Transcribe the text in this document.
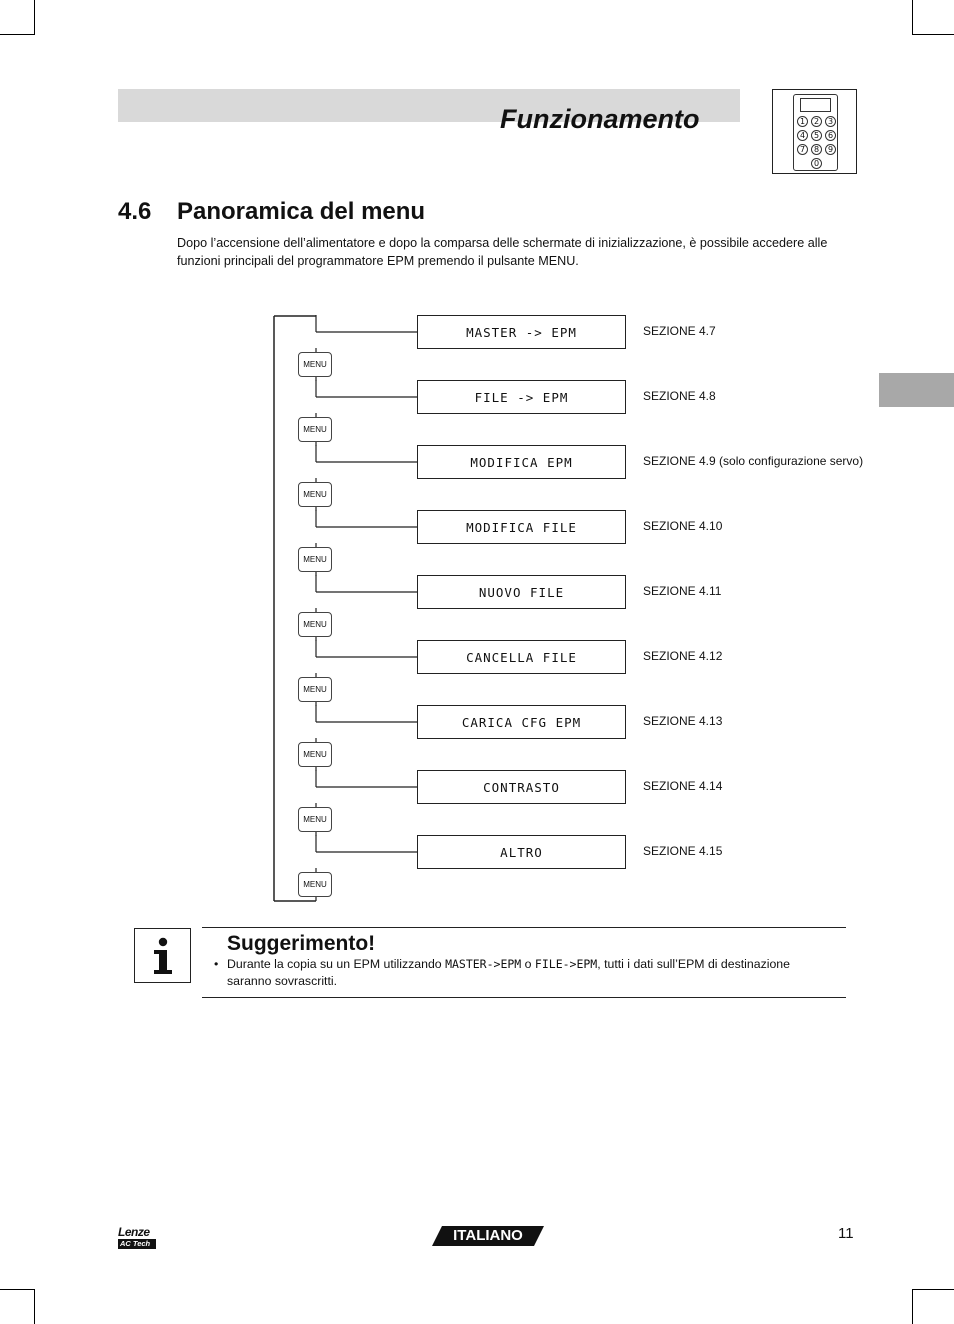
Funzionamento	1	2	3
4	5	6
7	8	9
0
4.6 Panoramica del menu
Dopo l’accensione dell’alimentatore e dopo la comparsa delle schermate di inizializzazione, è possibile accedere alle funzioni principali del programmatore EPM premendo il pulsante MENU.
MASTER -> EPM	SEZIONE 4.7
MENU
FILE -> EPM	SEZIONE 4.8
MENU
MODIFICA EPM	SEZIONE 4.9 (solo configurazione servo)
MENU
MODIFICA FILE	SEZIONE 4.10
MENU
NUOVO FILE	SEZIONE 4.11
MENU
CANCELLA FILE	SEZIONE 4.12
MENU
CARICA CFG EPM	SEZIONE 4.13
MENU
CONTRASTO	SEZIONE 4.14
MENU
ALTRO	SEZIONE 4.15
MENU
Suggerimento!
• Durante la copia su un EPM utilizzando MASTER->EPM o FILE->EPM, tutti i dati sull’EPM di destinazione saranno sovrascritti.
Lenze
AC Tech	ITALIANO	11
